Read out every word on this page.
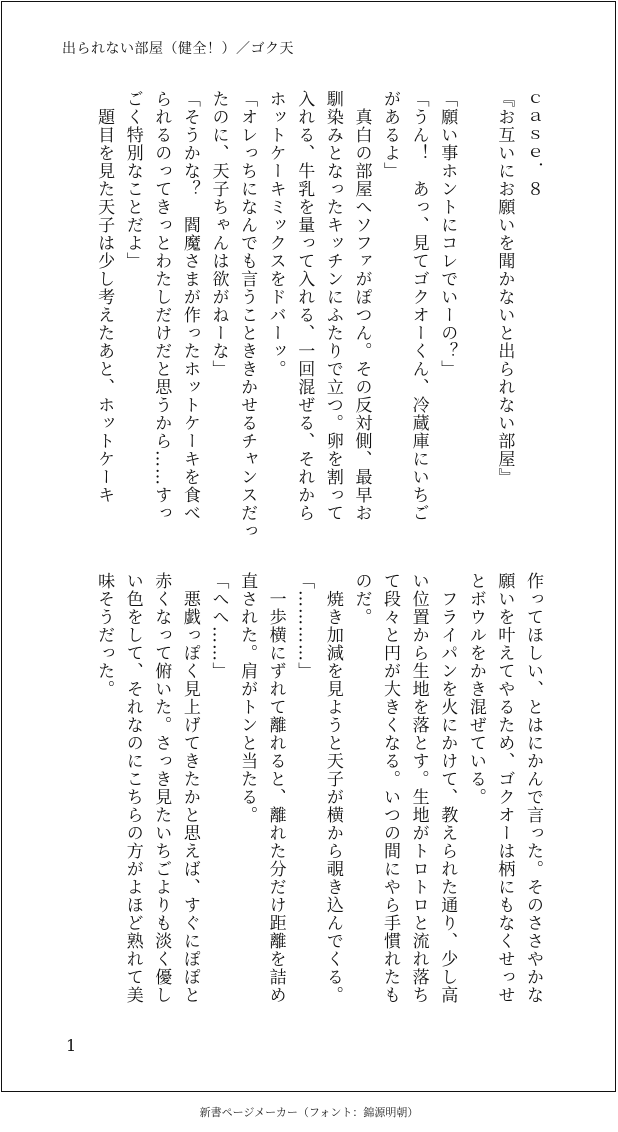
出られない部屋（健全！）／ゴク天
ｃａｓｅ．８
『お互いにお願いを聞かないと出られない部屋』

「願い事ホントにコレでいーの？」
「うん！　あっ、見てゴクオーくん、冷蔵庫にいちご
があるよ」
　真白の部屋へソファがぽつん。その反対側、最早お
馴染みとなったキッチンにふたりで立つ。卵を割って
入れる、牛乳を量って入れる、一回混ぜる、それから
ホットケーキミックスをドバーッ。
「オレっちになんでも言うことききかせるチャンスだっ
たのに、天子ちゃんは欲がねーな」
「そうかな？　閻魔さまが作ったホットケーキを食べ
られるのってきっとわたしだけだと思うから……すっ
ごく特別なことだよ」
　題目を見た天子は少し考えたあと、ホットケーキ
作ってほしい、とはにかんで言った。そのささやかな
願いを叶えてやるため、ゴクオーは柄にもなくせっせ
とボウルをかき混ぜている。
　フライパンを火にかけて、教えられた通り、少し高
い位置から生地を落とす。生地がトロトロと流れ落ち
て段々と円が大きくなる。いつの間にやら手慣れたも
のだ。
　焼き加減を見ようと天子が横から覗き込んでくる。
「…………」
　一歩横にずれて離れると、離れた分だけ距離を詰め
直された。肩がトンと当たる。
「へへ……」
　悪戯っぽく見上げてきたかと思えば、すぐにぽぽと
赤くなって俯いた。さっき見たいちごよりも淡く優し
い色をして、それなのにこちらの方がよほど熟れて美
味そうだった。
1
新書ページメーカー（フォント：錦源明朝）
